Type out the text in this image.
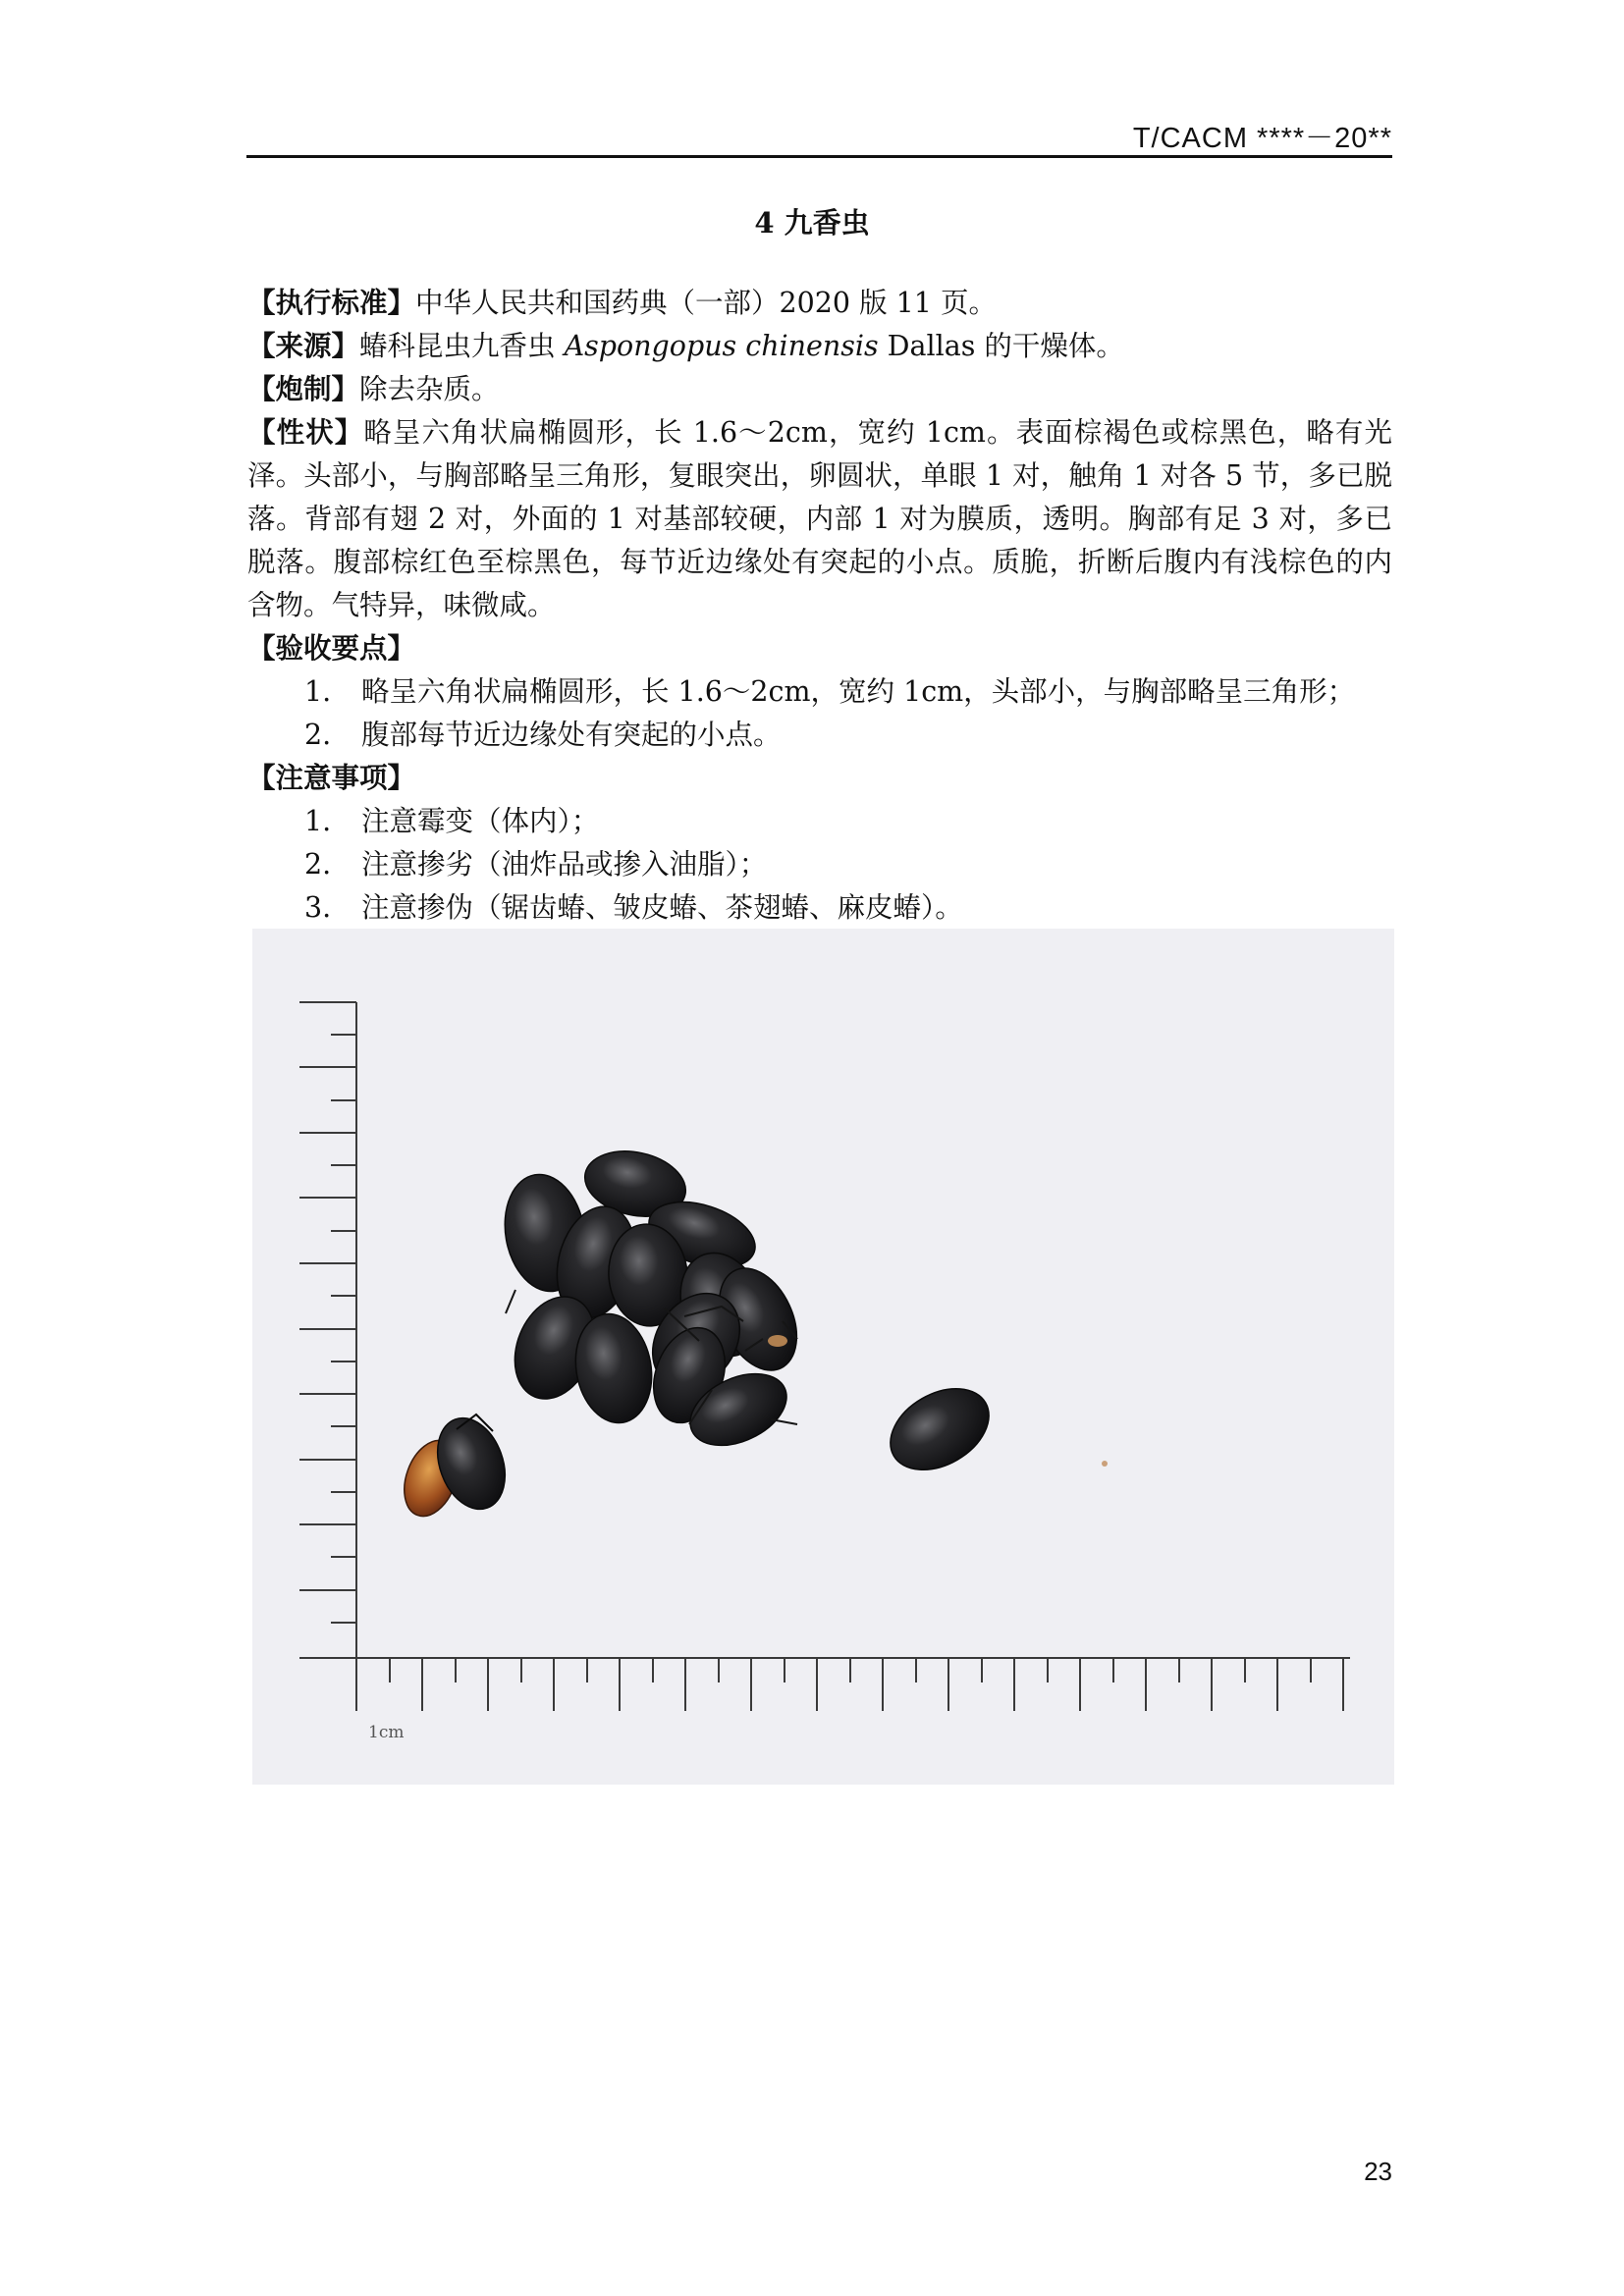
T/CACM ****－20**
4 九香虫

【执行标准】中华人民共和国药典（一部）2020 版 11 页。

【来源】蝽科昆虫九香虫 Aspongopus chinensis Dallas 的干燥体。

【炮制】除去杂质。

【性状】略呈六角状扁椭圆形，长 1.6～2cm，宽约 1cm。表面棕褐色或棕黑色，略有光泽。头部小，与胸部略呈三角形，复眼突出，卵圆状，单眼 1 对，触角 1 对各 5 节，多已脱落。背部有翅 2 对，外面的 1 对基部较硬，内部 1 对为膜质，透明。胸部有足 3 对，多已脱落。腹部棕红色至棕黑色，每节近边缘处有突起的小点。质脆，折断后腹内有浅棕色的内含物。气特异，味微咸。

【验收要点】

1.	略呈六角状扁椭圆形，长 1.6～2cm，宽约 1cm，头部小，与胸部略呈三角形；
2.	腹部每节近边缘处有突起的小点。

【注意事项】

1.	注意霉变（体内）；
2.	注意掺劣（油炸品或掺入油脂）；
3.	注意掺伪（锯齿蝽、皱皮蝽、茶翅蝽、麻皮蝽）。
1cm
23
